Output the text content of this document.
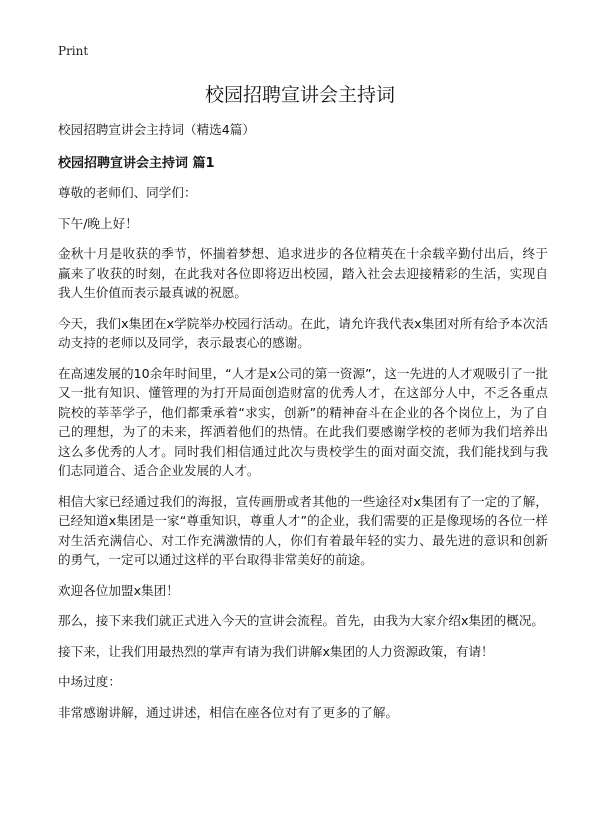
Print
校园招聘宣讲会主持词

校园招聘宣讲会主持词（精选4篇）

校园招聘宣讲会主持词 篇1

尊敬的老师们、同学们：

下午/晚上好！

金秋十月是收获的季节，怀揣着梦想、追求进步的各位精英在十余载辛勤付出后，终于赢来了收获的时刻，在此我对各位即将迈出校园，踏入社会去迎接精彩的生活，实现自我人生价值而表示最真诚的祝愿。

今天，我们x集团在x学院举办校园行活动。在此，请允许我代表x集团对所有给予本次活动支持的老师以及同学，表示最衷心的感谢。

在高速发展的10余年时间里，“人才是x公司的第一资源”，这一先进的人才观吸引了一批又一批有知识、懂管理的为打开局面创造财富的优秀人才，在这部分人中，不乏各重点院校的莘莘学子，他们都秉承着“求实，创新”的精神奋斗在企业的各个岗位上，为了自己的理想，为了的未来，挥洒着他们的热情。在此我们要感谢学校的老师为我们培养出这么多优秀的人才。同时我们相信通过此次与贵校学生的面对面交流，我们能找到与我们志同道合、适合企业发展的人才。

相信大家已经通过我们的海报，宣传画册或者其他的一些途径对x集团有了一定的了解，已经知道x集团是一家“尊重知识，尊重人才”的企业，我们需要的正是像现场的各位一样对生活充满信心、对工作充满激情的人，你们有着最年轻的实力、最先进的意识和创新的勇气，一定可以通过这样的平台取得非常美好的前途。

欢迎各位加盟x集团！

那么，接下来我们就正式进入今天的宣讲会流程。首先，由我为大家介绍x集团的概况。

接下来，让我们用最热烈的掌声有请为我们讲解x集团的人力资源政策，有请！

中场过度：

非常感谢讲解，通过讲述，相信在座各位对有了更多的了解。
